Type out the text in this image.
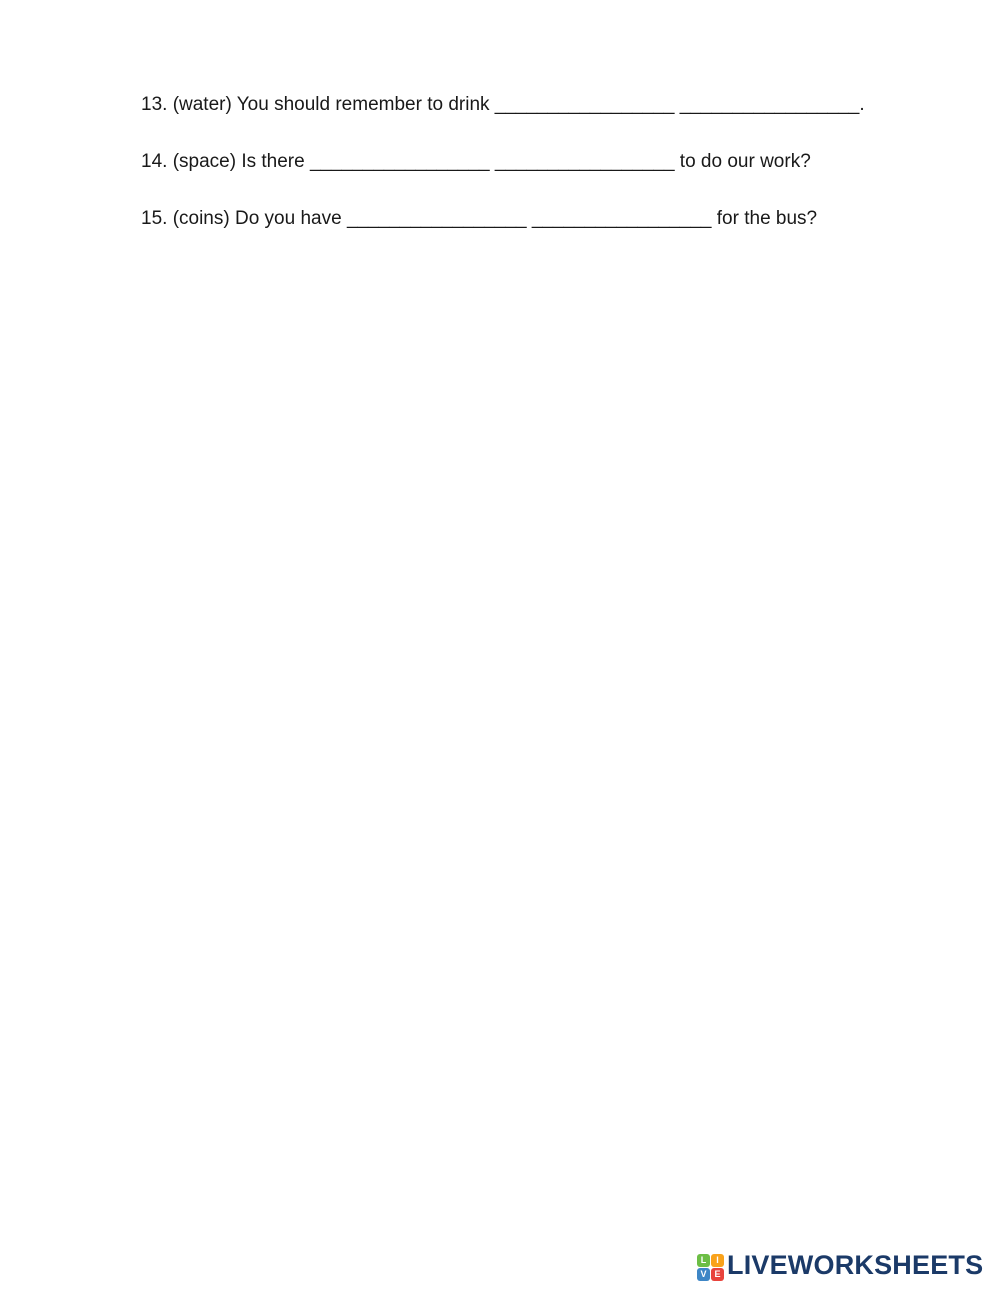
13. (water) You should remember to drink _________________ _________________.

14. (space) Is there _________________ _________________ to do our work?

15. (coins) Do you have _________________ _________________ for the bus?

L	I
V E LIVEWORKSHEETS
